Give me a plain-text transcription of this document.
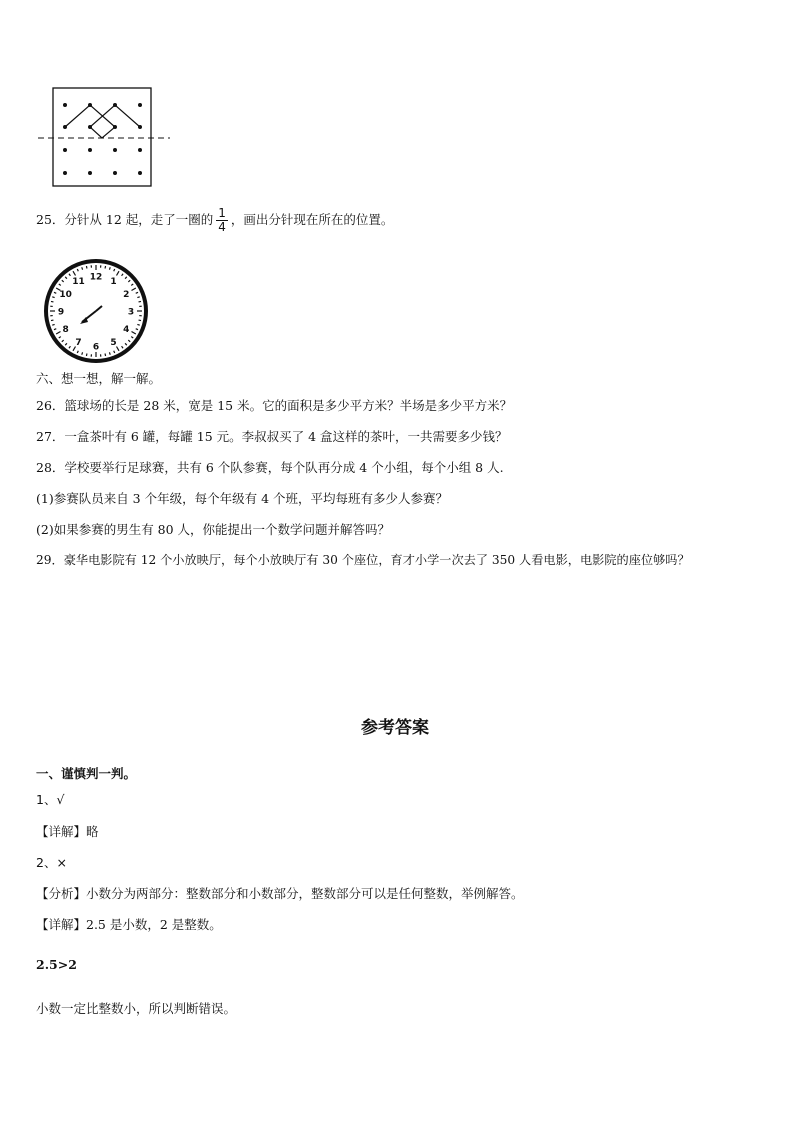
25．分针从 12 起，走了一圈的 $\frac{1}{4}$ ，画出分针现在所在的位置。
12 1
2
3
4
5
6
7
8
9
10
11
六、想一想，解一解。
26．篮球场的长是 28 米，宽是 15 米。它的面积是多少平方米？半场是多少平方米？
27．一盒茶叶有 6 罐，每罐 15 元。李叔叔买了 4 盒这样的茶叶，一共需要多少钱？
28．学校要举行足球赛，共有 6 个队参赛，每个队再分成 4 个小组，每个小组 8 人.
(1)参赛队员来自 3 个年级，每个年级有 4 个班，平均每班有多少人参赛？
(2)如果参赛的男生有 80 人，你能提出一个数学问题并解答吗？
29．豪华电影院有 12 个小放映厅，每个小放映厅有 30 个座位，育才小学一次去了 350 人看电影，电影院的座位够吗？
参考答案
一、谨慎判一判。
1、√
【详解】略
2、×
【分析】小数分为两部分：整数部分和小数部分，整数部分可以是任何整数，举例解答。
【详解】2.5 是小数，2 是整数。
2.5>2
小数一定比整数小，所以判断错误。
